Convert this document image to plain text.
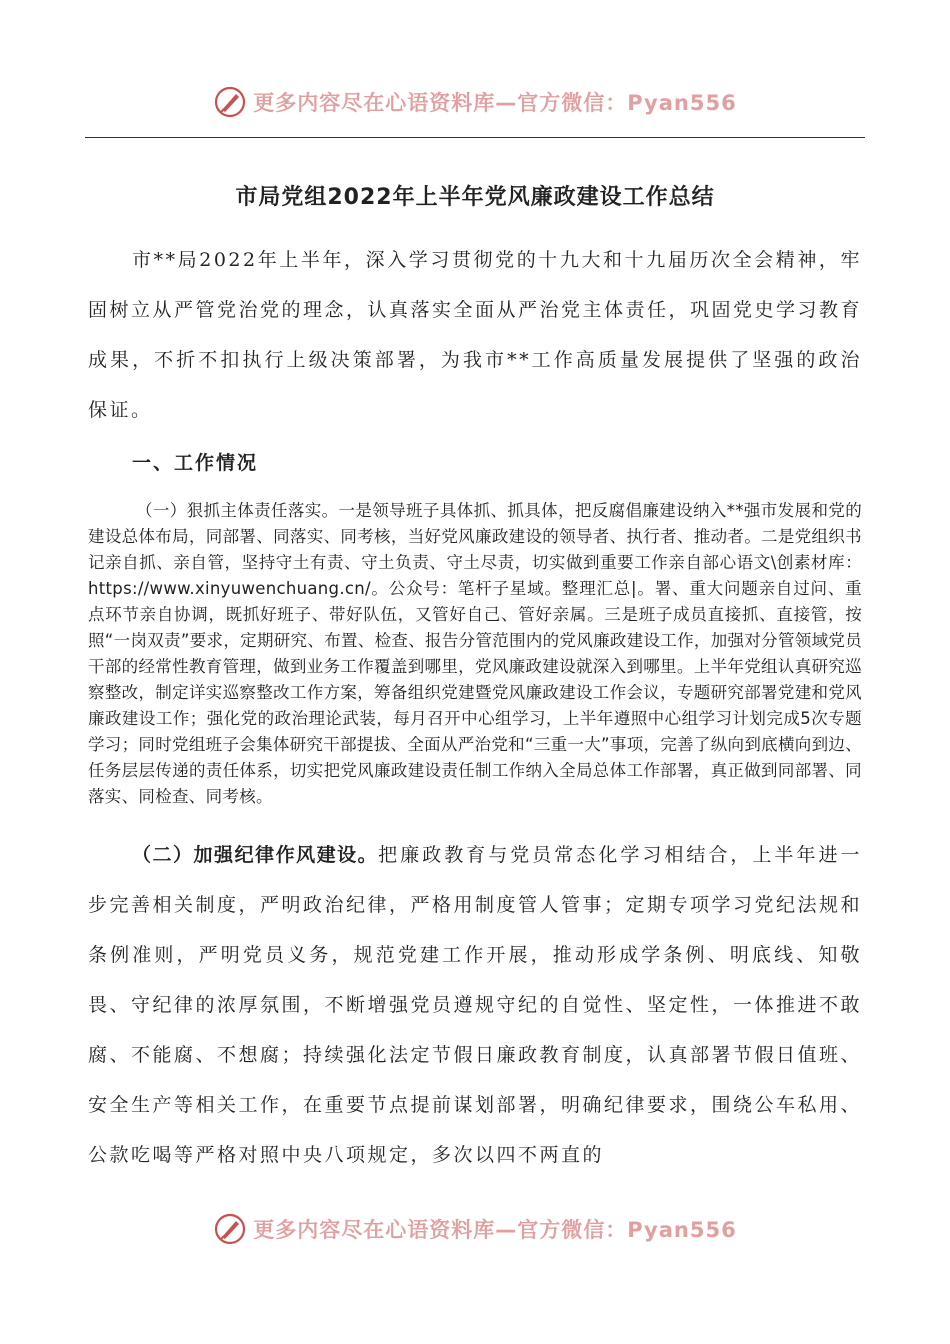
更多内容尽在心语资料库—官方微信：Pyan556
市局党组2022年上半年党风廉政建设工作总结

市**局2022年上半年，深入学习贯彻党的十九大和十九届历次全会精神，牢固树立从严管党治党的理念，认真落实全面从严治党主体责任，巩固党史学习教育成果，不折不扣执行上级决策部署，为我市**工作高质量发展提供了坚强的政治保证。

一、工作情况

（一）狠抓主体责任落实。一是领导班子具体抓、抓具体，把反腐倡廉建设纳入**强市发展和党的建设总体布局，同部署、同落实、同考核，当好党风廉政建设的领导者、执行者、推动者。二是党组织书记亲自抓、亲自管，坚持守土有责、守土负责、守土尽责，切实做到重要工作亲自部心语文\创素材库：https://www.xinyuwenchuang.cn/。公众号：笔杆子星域。整理汇总|。署、重大问题亲自过问、重点环节亲自协调，既抓好班子、带好队伍，又管好自己、管好亲属。三是班子成员直接抓、直接管，按照“一岗双责”要求，定期研究、布置、检查、报告分管范围内的党风廉政建设工作，加强对分管领域党员干部的经常性教育管理，做到业务工作覆盖到哪里，党风廉政建设就深入到哪里。上半年党组认真研究巡察整改，制定详实巡察整改工作方案，筹备组织党建暨党风廉政建设工作会议，专题研究部署党建和党风廉政建设工作；强化党的政治理论武装，每月召开中心组学习，上半年遵照中心组学习计划完成5次专题学习；同时党组班子会集体研究干部提拔、全面从严治党和“三重一大”事项，完善了纵向到底横向到边、任务层层传递的责任体系，切实把党风廉政建设责任制工作纳入全局总体工作部署，真正做到同部署、同落实、同检查、同考核。

（二）加强纪律作风建设。把廉政教育与党员常态化学习相结合，上半年进一步完善相关制度，严明政治纪律，严格用制度管人管事；定期专项学习党纪法规和条例准则，严明党员义务，规范党建工作开展，推动形成学条例、明底线、知敬畏、守纪律的浓厚氛围，不断增强党员遵规守纪的自觉性、坚定性，一体推进不敢腐、不能腐、不想腐；持续强化法定节假日廉政教育制度，认真部署节假日值班、安全生产等相关工作，在重要节点提前谋划部署，明确纪律要求，围绕公车私用、公款吃喝等严格对照中央八项规定，多次以四不两直的

更多内容尽在心语资料库—官方微信：Pyan556
